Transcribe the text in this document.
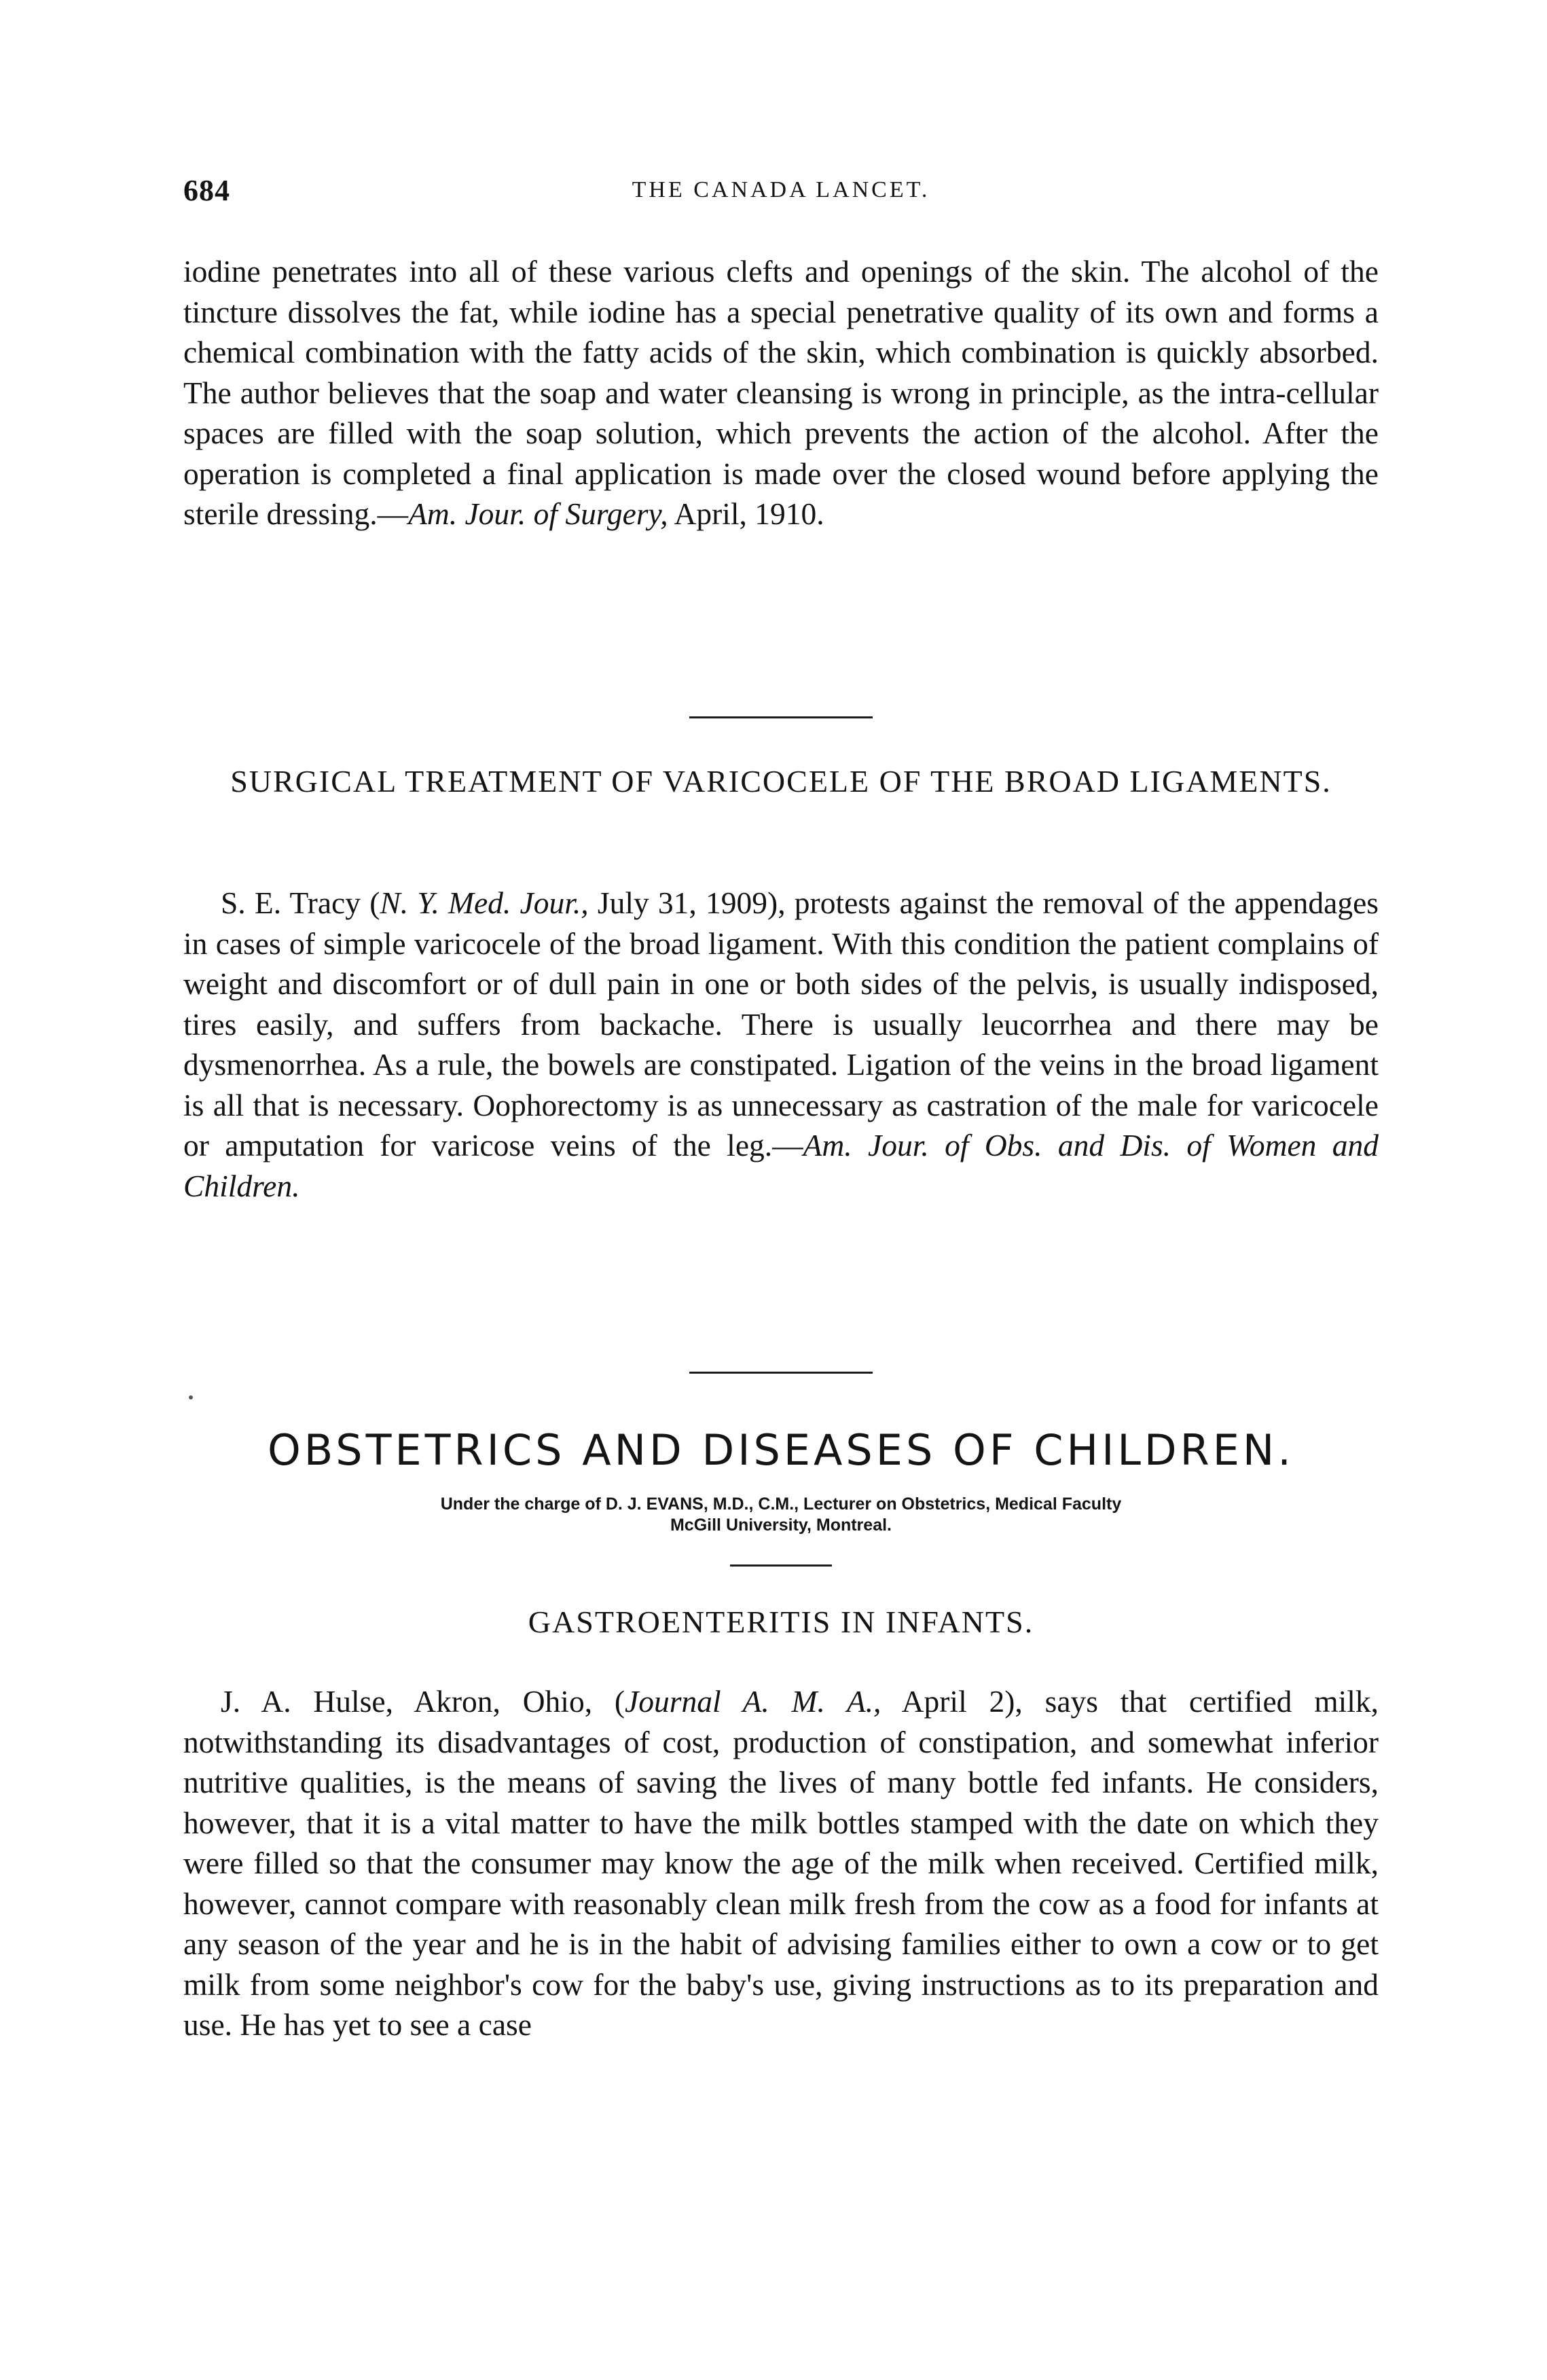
684	THE CANADA LANCET.

iodine penetrates into all of these various clefts and openings of the skin. The alcohol of the tincture dissolves the fat, while iodine has a special penetrative quality of its own and forms a chemical combination with the fatty acids of the skin, which combination is quickly absorbed. The author believes that the soap and water cleansing is wrong in principle, as the intra-cellular spaces are filled with the soap solution, which prevents the action of the alcohol. After the operation is completed a final application is made over the closed wound before applying the sterile dressing.—Am. Jour. of Surgery, April, 1910.

SURGICAL TREATMENT OF VARICOCELE OF THE BROAD LIGAMENTS.

S. E. Tracy (N. Y. Med. Jour., July 31, 1909), protests against the removal of the appendages in cases of simple varicocele of the broad ligament. With this condition the patient complains of weight and discomfort or of dull pain in one or both sides of the pelvis, is usually indisposed, tires easily, and suffers from backache. There is usually leucorrhea and there may be dysmenorrhea. As a rule, the bowels are constipated. Ligation of the veins in the broad ligament is all that is necessary. Oophorectomy is as unnecessary as castration of the male for varicocele or amputation for varicose veins of the leg.—Am. Jour. of Obs. and Dis. of Women and Children.

OBSTETRICS AND DISEASES OF CHILDREN.
Under the charge of D. J. EVANS, M.D., C.M., Lecturer on Obstetrics, Medical Faculty
McGill University, Montreal.
GASTROENTERITIS IN INFANTS.

J. A. Hulse, Akron, Ohio, (Journal A. M. A., April 2), says that certified milk, notwithstanding its disadvantages of cost, production of constipation, and somewhat inferior nutritive qualities, is the means of saving the lives of many bottle fed infants. He considers, however, that it is a vital matter to have the milk bottles stamped with the date on which they were filled so that the consumer may know the age of the milk when received. Certified milk, however, cannot compare with reasonably clean milk fresh from the cow as a food for infants at any season of the year and he is in the habit of advising families either to own a cow or to get milk from some neighbor's cow for the baby's use, giving instructions as to its preparation and use. He has yet to see a case
